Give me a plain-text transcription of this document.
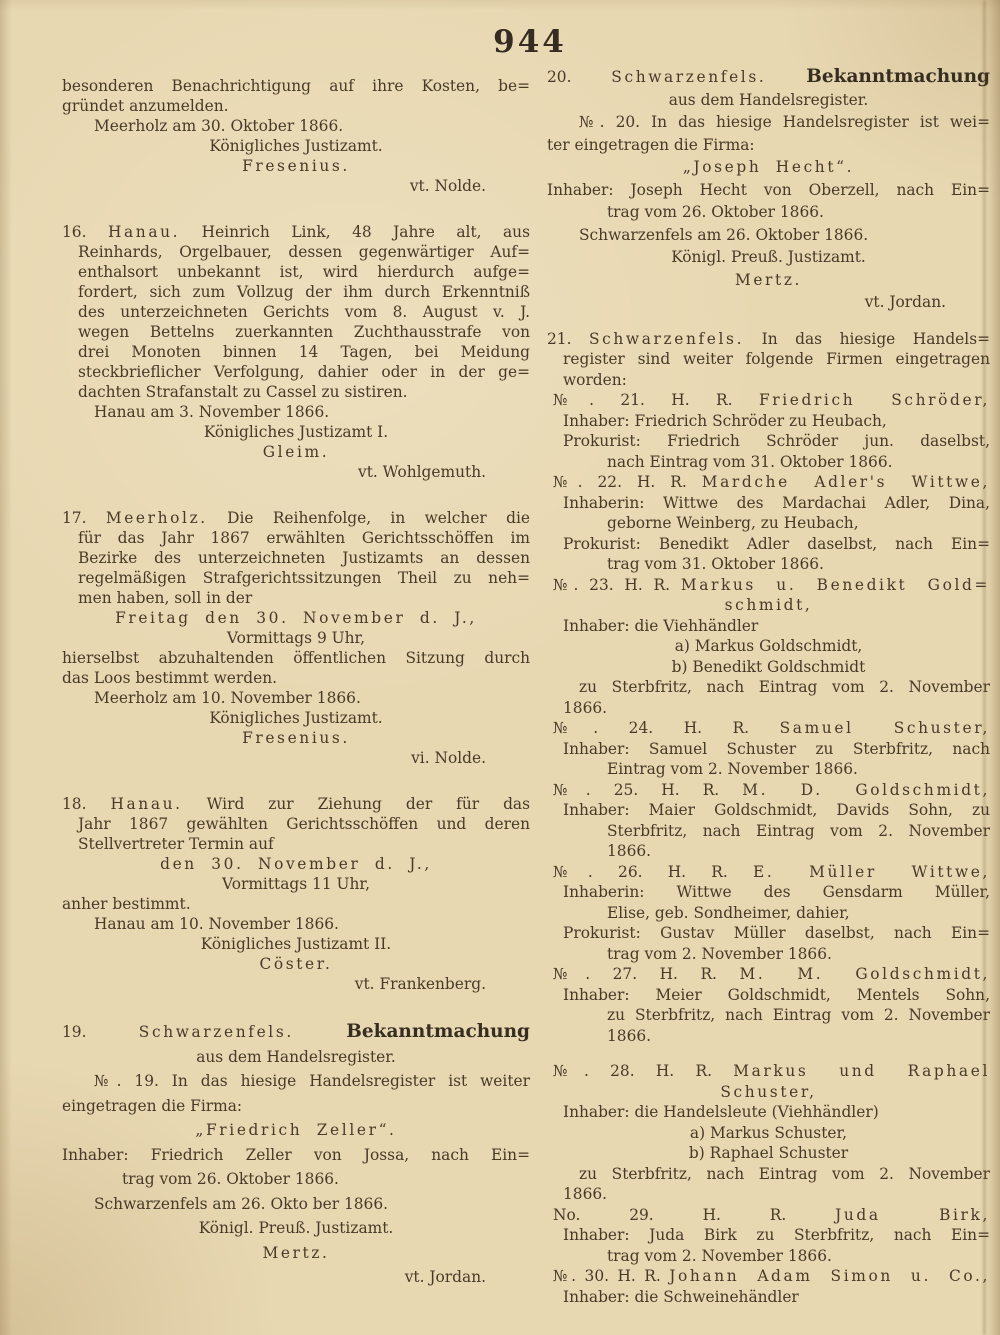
944
besonderen Benachrichtigung auf ihre Kosten, be=
gründet anzumelden.
Meerholz am 30. Oktober 1866.
Königliches Justizamt.
Fresenius.
vt. Nolde.
16. Hanau. Heinrich Link, 48 Jahre alt, aus
Reinhards, Orgelbauer, dessen gegenwärtiger Auf=
enthalsort unbekannt ist, wird hierdurch aufge=
fordert, sich zum Vollzug der ihm durch Erkenntniß
des unterzeichneten Gerichts vom 8. August v. J.
wegen Bettelns zuerkannten Zuchthausstrafe von
drei Monoten binnen 14 Tagen, bei Meidung
steckbrieflicher Verfolgung, dahier oder in der ge=
dachten Strafanstalt zu Cassel zu sistiren.
Hanau am 3. November 1866.
Königliches Justizamt I.
Gleim.
vt. Wohlgemuth.
17. Meerholz. Die Reihenfolge, in welcher die
für das Jahr 1867 erwählten Gerichtsschöffen im
Bezirke des unterzeichneten Justizamts an dessen
regelmäßigen Strafgerichtssitzungen Theil zu neh=
men haben, soll in der
Freitag den 30. November d. J.,
Vormittags 9 Uhr,
hierselbst abzuhaltenden öffentlichen Sitzung durch
das Loos bestimmt werden.
Meerholz am 10. November 1866.
Königliches Justizamt.
Fresenius.
vi. Nolde.
18. Hanau. Wird zur Ziehung der für das
Jahr 1867 gewählten Gerichtsschöffen und deren
Stellvertreter Termin auf
den 30. November d. J.,
Vormittags 11 Uhr,
anher bestimmt.
Hanau am 10. November 1866.
Königliches Justizamt II.
Cöster.
vt. Frankenberg.
19. Schwarzenfels.	Bekanntmachung
aus dem Handelsregister.
№. 19. In das hiesige Handelsregister ist weiter
eingetragen die Firma:
„Friedrich Zeller“.
Inhaber: Friedrich Zeller von Jossa, nach Ein=
trag vom 26. Oktober 1866.
Schwarzenfels am 26. Okto ber 1866.
Königl. Preuß. Justizamt.
Mertz.
vt. Jordan.
20. Schwarzenfels. Bekanntmachung
aus dem Handelsregister.
№. 20. In das hiesige Handelsregister ist wei=
ter eingetragen die Firma:
„Joseph Hecht“.
Inhaber: Joseph Hecht von Oberzell, nach Ein=
trag vom 26. Oktober 1866.
Schwarzenfels am 26. Oktober 1866.
Königl. Preuß. Justizamt.
Mertz.
vt. Jordan.
21. Schwarzenfels. In das hiesige Handels=
register sind weiter folgende Firmen eingetragen
worden:
№. 21. H. R. Friedrich Schröder,
Inhaber: Friedrich Schröder zu Heubach,
Prokurist: Friedrich Schröder jun. daselbst,
nach Eintrag vom 31. Oktober 1866.
№. 22. H. R. Mardche Adler's Wittwe,
Inhaberin: Wittwe des Mardachai Adler, Dina,
geborne Weinberg, zu Heubach,
Prokurist: Benedikt Adler daselbst, nach Ein=
trag vom 31. Oktober 1866.
№. 23. H. R. Markus u. Benedikt Gold=
schmidt,
Inhaber: die Viehhändler
a) Markus Goldschmidt,
b) Benedikt Goldschmidt
zu Sterbfritz, nach Eintrag vom 2. November
1866.
№. 24. H. R. Samuel Schuster,
Inhaber: Samuel Schuster zu Sterbfritz, nach
Eintrag vom 2. November 1866.
№. 25. H. R. M. D. Goldschmidt,
Inhaber: Maier Goldschmidt, Davids Sohn, zu
Sterbfritz, nach Eintrag vom 2. November
1866.
№. 26. H. R. E. Müller Wittwe,
Inhaberin: Wittwe des Gensdarm Müller,
Elise, geb. Sondheimer, dahier,
Prokurist: Gustav Müller daselbst, nach Ein=
trag vom 2. November 1866.
№. 27. H. R. M. M. Goldschmidt,
Inhaber: Meier Goldschmidt, Mentels Sohn,
zu Sterbfritz, nach Eintrag vom 2. November
1866.
№. 28. H. R. Markus und Raphael
Schuster,
Inhaber: die Handelsleute (Viehhändler)
a) Markus Schuster,
b) Raphael Schuster
zu Sterbfritz, nach Eintrag vom 2. November
1866.
No. 29. H. R. Juda Birk,
Inhaber: Juda Birk zu Sterbfritz, nach Ein=
trag vom 2. November 1866.
№. 30. H. R. Johann Adam Simon u. Co.,
Inhaber: die Schweinehändler
